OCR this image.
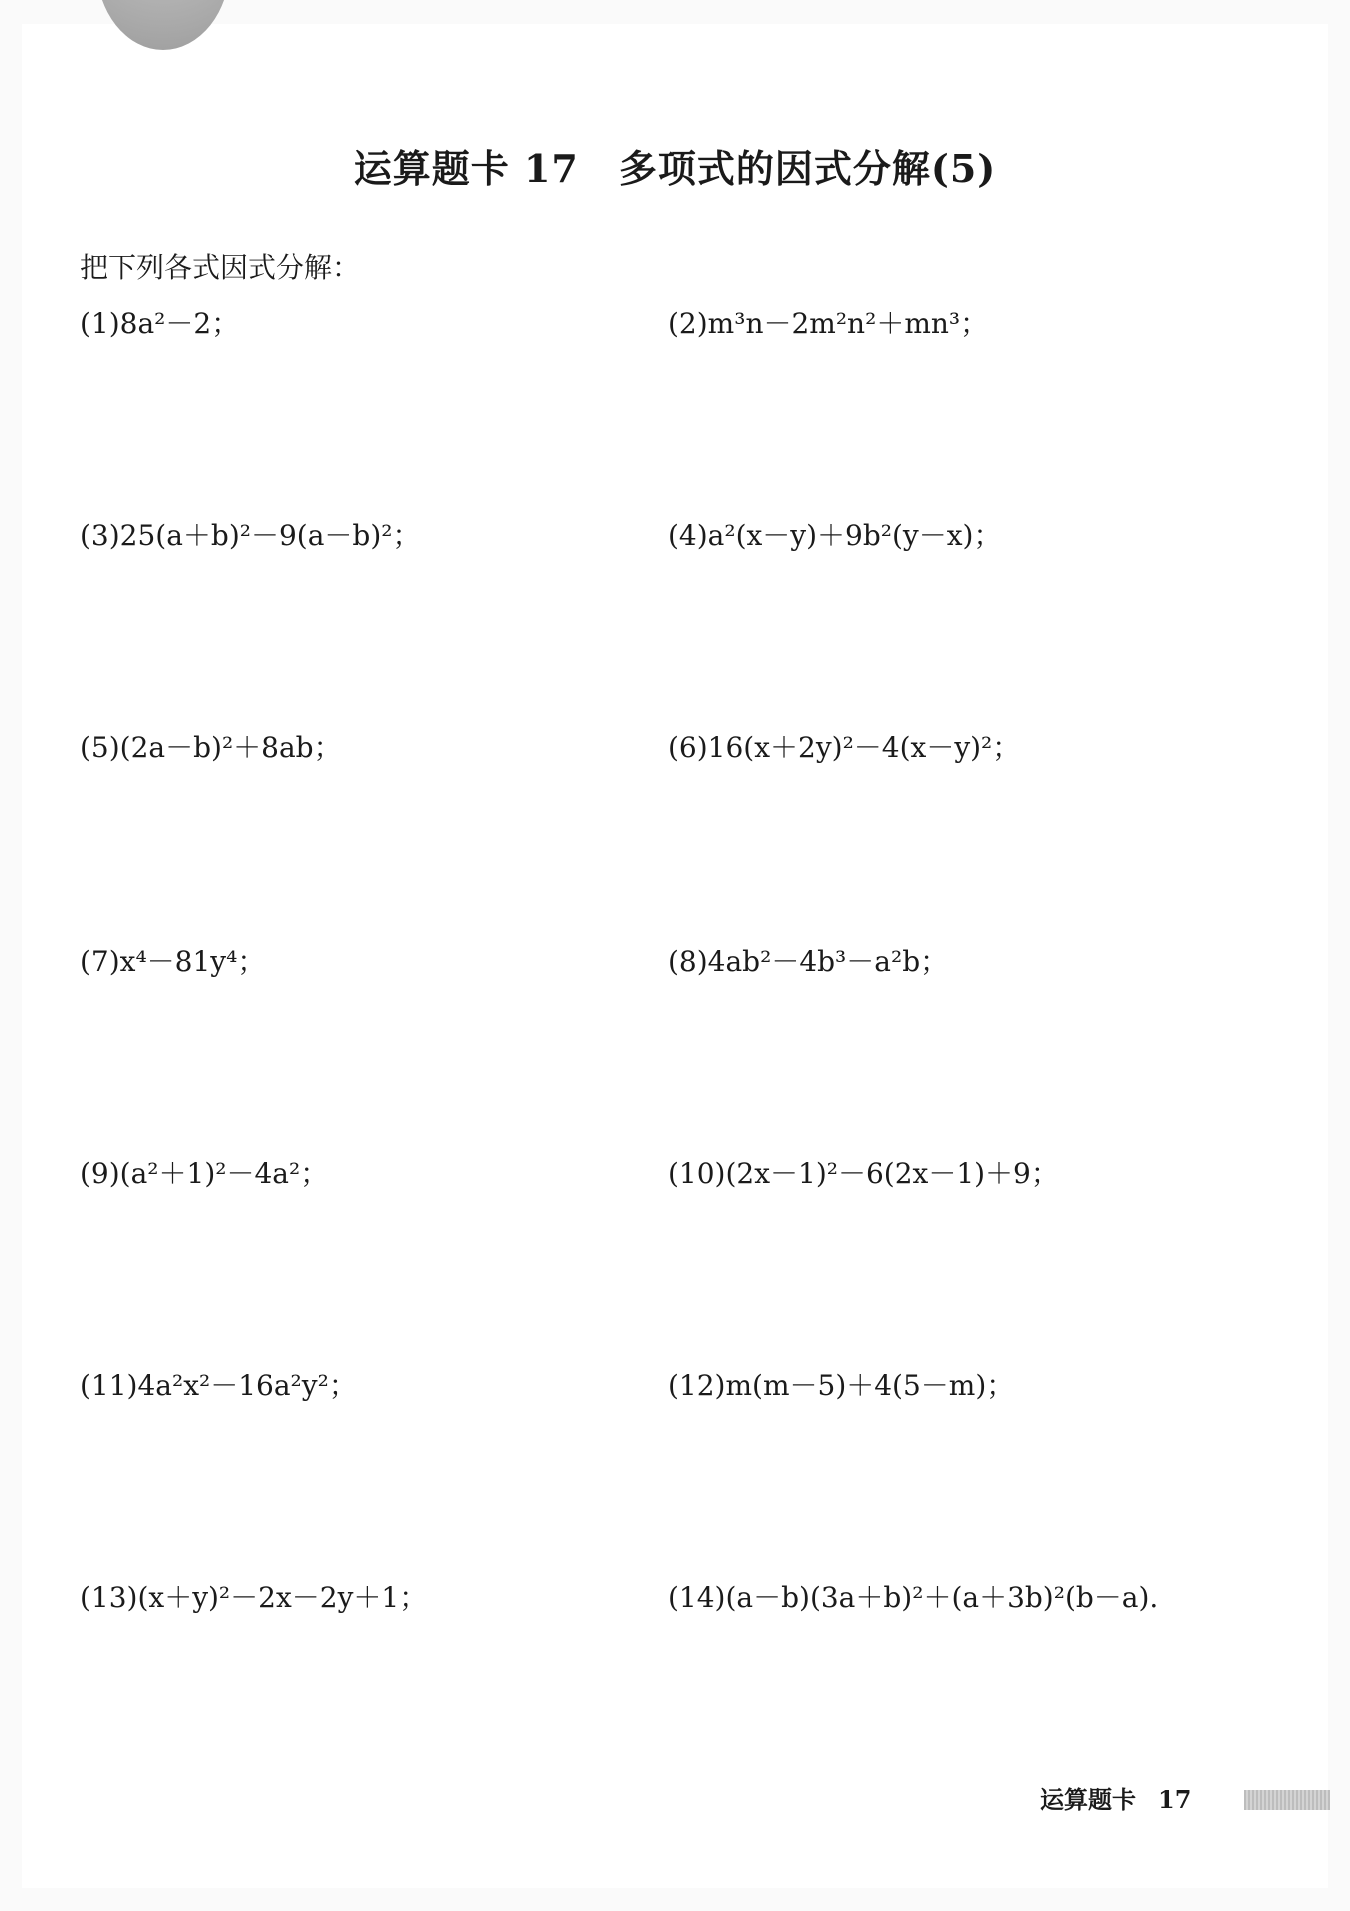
运算题卡 17 多项式的因式分解(5)
把下列各式因式分解：
(1)8a²－2；	(2)m³n－2m²n²＋mn³；
(3)25(a＋b)²－9(a－b)²；	(4)a²(x－y)＋9b²(y－x)；
(5)(2a－b)²＋8ab；	(6)16(x＋2y)²－4(x－y)²；
(7)x⁴－81y⁴；	(8)4ab²－4b³－a²b；
(9)(a²＋1)²－4a²；	(10)(2x－1)²－6(2x－1)＋9；
(11)4a²x²－16a²y²；	(12)m(m－5)＋4(5－m)；
(13)(x＋y)²－2x－2y＋1；	(14)(a－b)(3a＋b)²＋(a＋3b)²(b－a).
运算题卡 17
